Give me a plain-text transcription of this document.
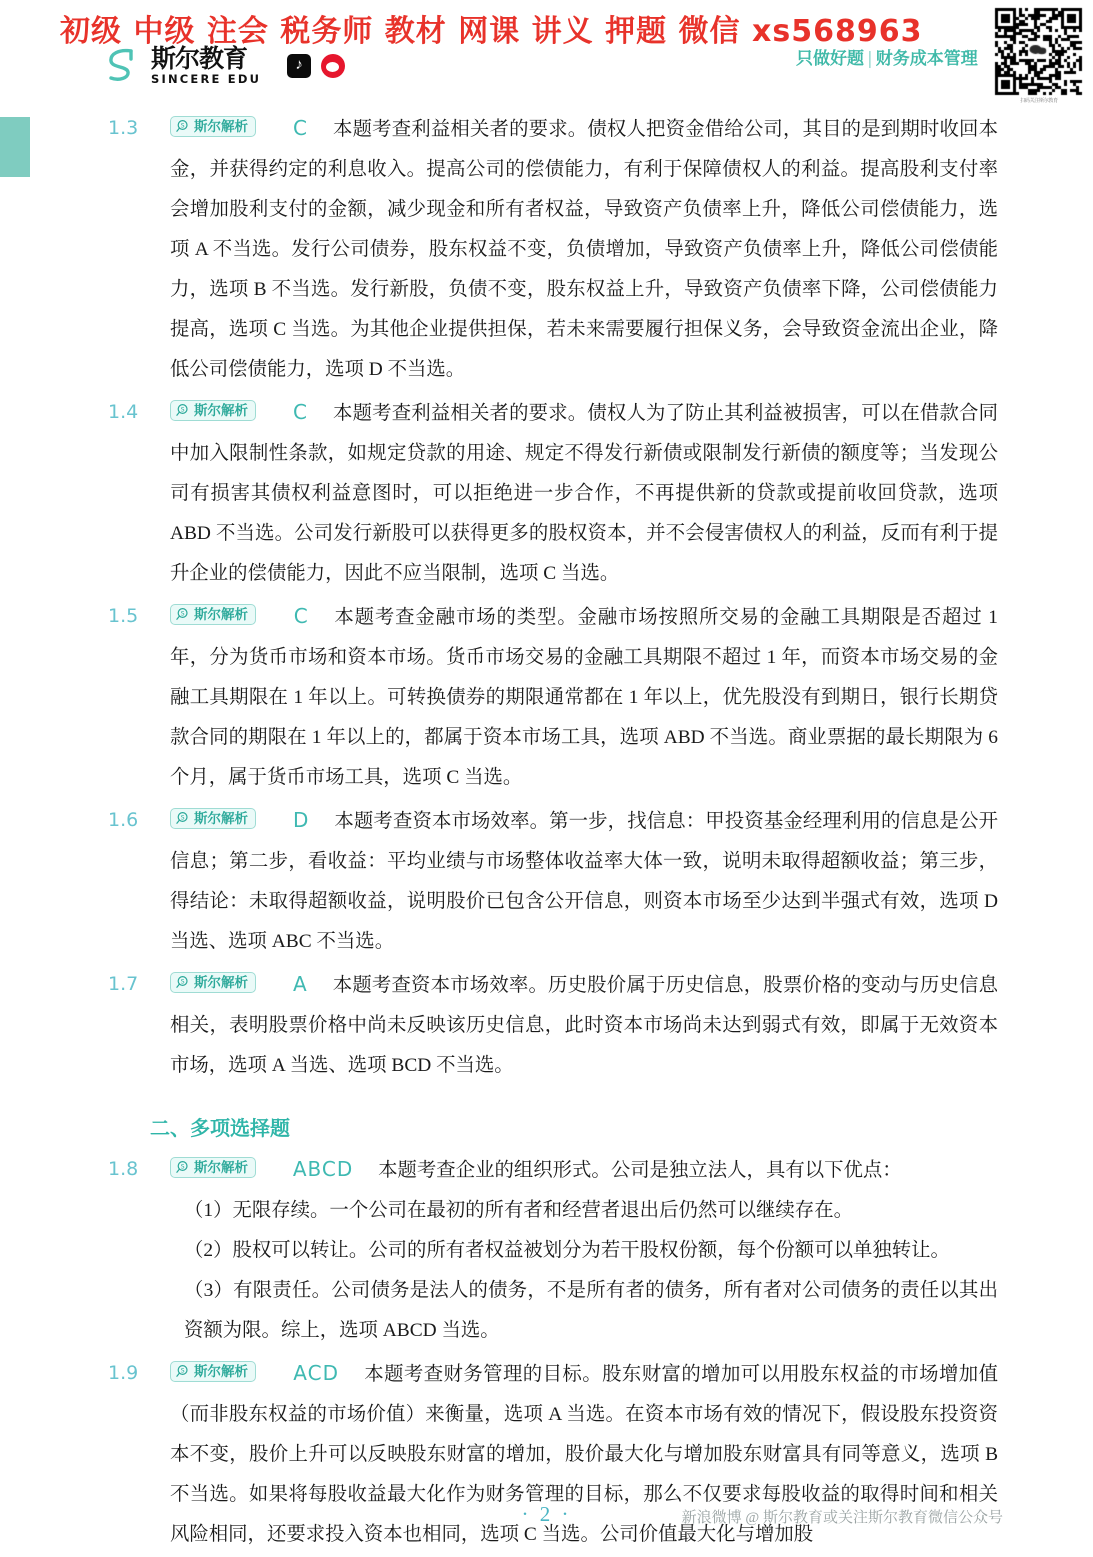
初级 中级 注会 税务师 教材 网课 讲义 押题 微信 xs568963
斯尔教育
SINCERE EDU
♪
只做好题 | 财务成本管理
扫码关注斯尔教育
1.3	S 斯尔解析 C 本题考查利益相关者的要求。债权人把资金借给公司，其目的是到期时收回本金，并获得约定的利息收入。提高公司的偿债能力，有利于保障债权人的利益。提高股利支付率会增加股利支付的金额，减少现金和所有者权益，导致资产负债率上升，降低公司偿债能力，选项 A 不当选。发行公司债券，股东权益不变，负债增加，导致资产负债率上升，降低公司偿债能力，选项 B 不当选。发行新股，负债不变，股东权益上升，导致资产负债率下降，公司偿债能力提高，选项 C 当选。为其他企业提供担保，若未来需要履行担保义务，会导致资金流出企业，降低公司偿债能力，选项 D 不当选。
1.4	S 斯尔解析 C 本题考查利益相关者的要求。债权人为了防止其利益被损害，可以在借款合同中加入限制性条款，如规定贷款的用途、规定不得发行新债或限制发行新债的额度等；当发现公司有损害其债权利益意图时，可以拒绝进一步合作，不再提供新的贷款或提前收回贷款，选项 ABD 不当选。公司发行新股可以获得更多的股权资本，并不会侵害债权人的利益，反而有利于提升企业的偿债能力，因此不应当限制，选项 C 当选。
1.5	S 斯尔解析 C 本题考查金融市场的类型。金融市场按照所交易的金融工具期限是否超过 1 年，分为货币市场和资本市场。货币市场交易的金融工具期限不超过 1 年，而资本市场交易的金融工具期限在 1 年以上。可转换债券的期限通常都在 1 年以上，优先股没有到期日，银行长期贷款合同的期限在 1 年以上的，都属于资本市场工具，选项 ABD 不当选。商业票据的最长期限为 6 个月，属于货币市场工具，选项 C 当选。
1.6	S 斯尔解析 D 本题考查资本市场效率。第一步，找信息：甲投资基金经理利用的信息是公开信息；第二步，看收益：平均业绩与市场整体收益率大体一致，说明未取得超额收益；第三步，得结论：未取得超额收益，说明股价已包含公开信息，则资本市场至少达到半强式有效，选项 D 当选、选项 ABC 不当选。
1.7	S 斯尔解析 A 本题考查资本市场效率。历史股价属于历史信息，股票价格的变动与历史信息相关，表明股票价格中尚未反映该历史信息，此时资本市场尚未达到弱式有效，即属于无效资本市场，选项 A 当选、选项 BCD 不当选。
二、多项选择题
1.8	S 斯尔解析 ABCD 本题考查企业的组织形式。公司是独立法人，具有以下优点：
（1）无限存续。一个公司在最初的所有者和经营者退出后仍然可以继续存在。
（2）股权可以转让。公司的所有者权益被划分为若干股权份额，每个份额可以单独转让。
（3）有限责任。公司债务是法人的债务，不是所有者的债务，所有者对公司债务的责任以其出资额为限。综上，选项 ABCD 当选。
1.9	S 斯尔解析 ACD 本题考查财务管理的目标。股东财富的增加可以用股东权益的市场增加值（而非股东权益的市场价值）来衡量，选项 A 当选。在资本市场有效的情况下，假设股东投资资本不变，股价上升可以反映股东财富的增加，股价最大化与增加股东财富具有同等意义，选项 B 不当选。如果将每股收益最大化作为财务管理的目标，那么不仅要求每股收益的取得时间和相关风险相同，还要求投入资本也相同，选项 C 当选。公司价值最大化与增加股
· 2 ·	新浪微博 @ 斯尔教育或关注斯尔教育微信公众号
